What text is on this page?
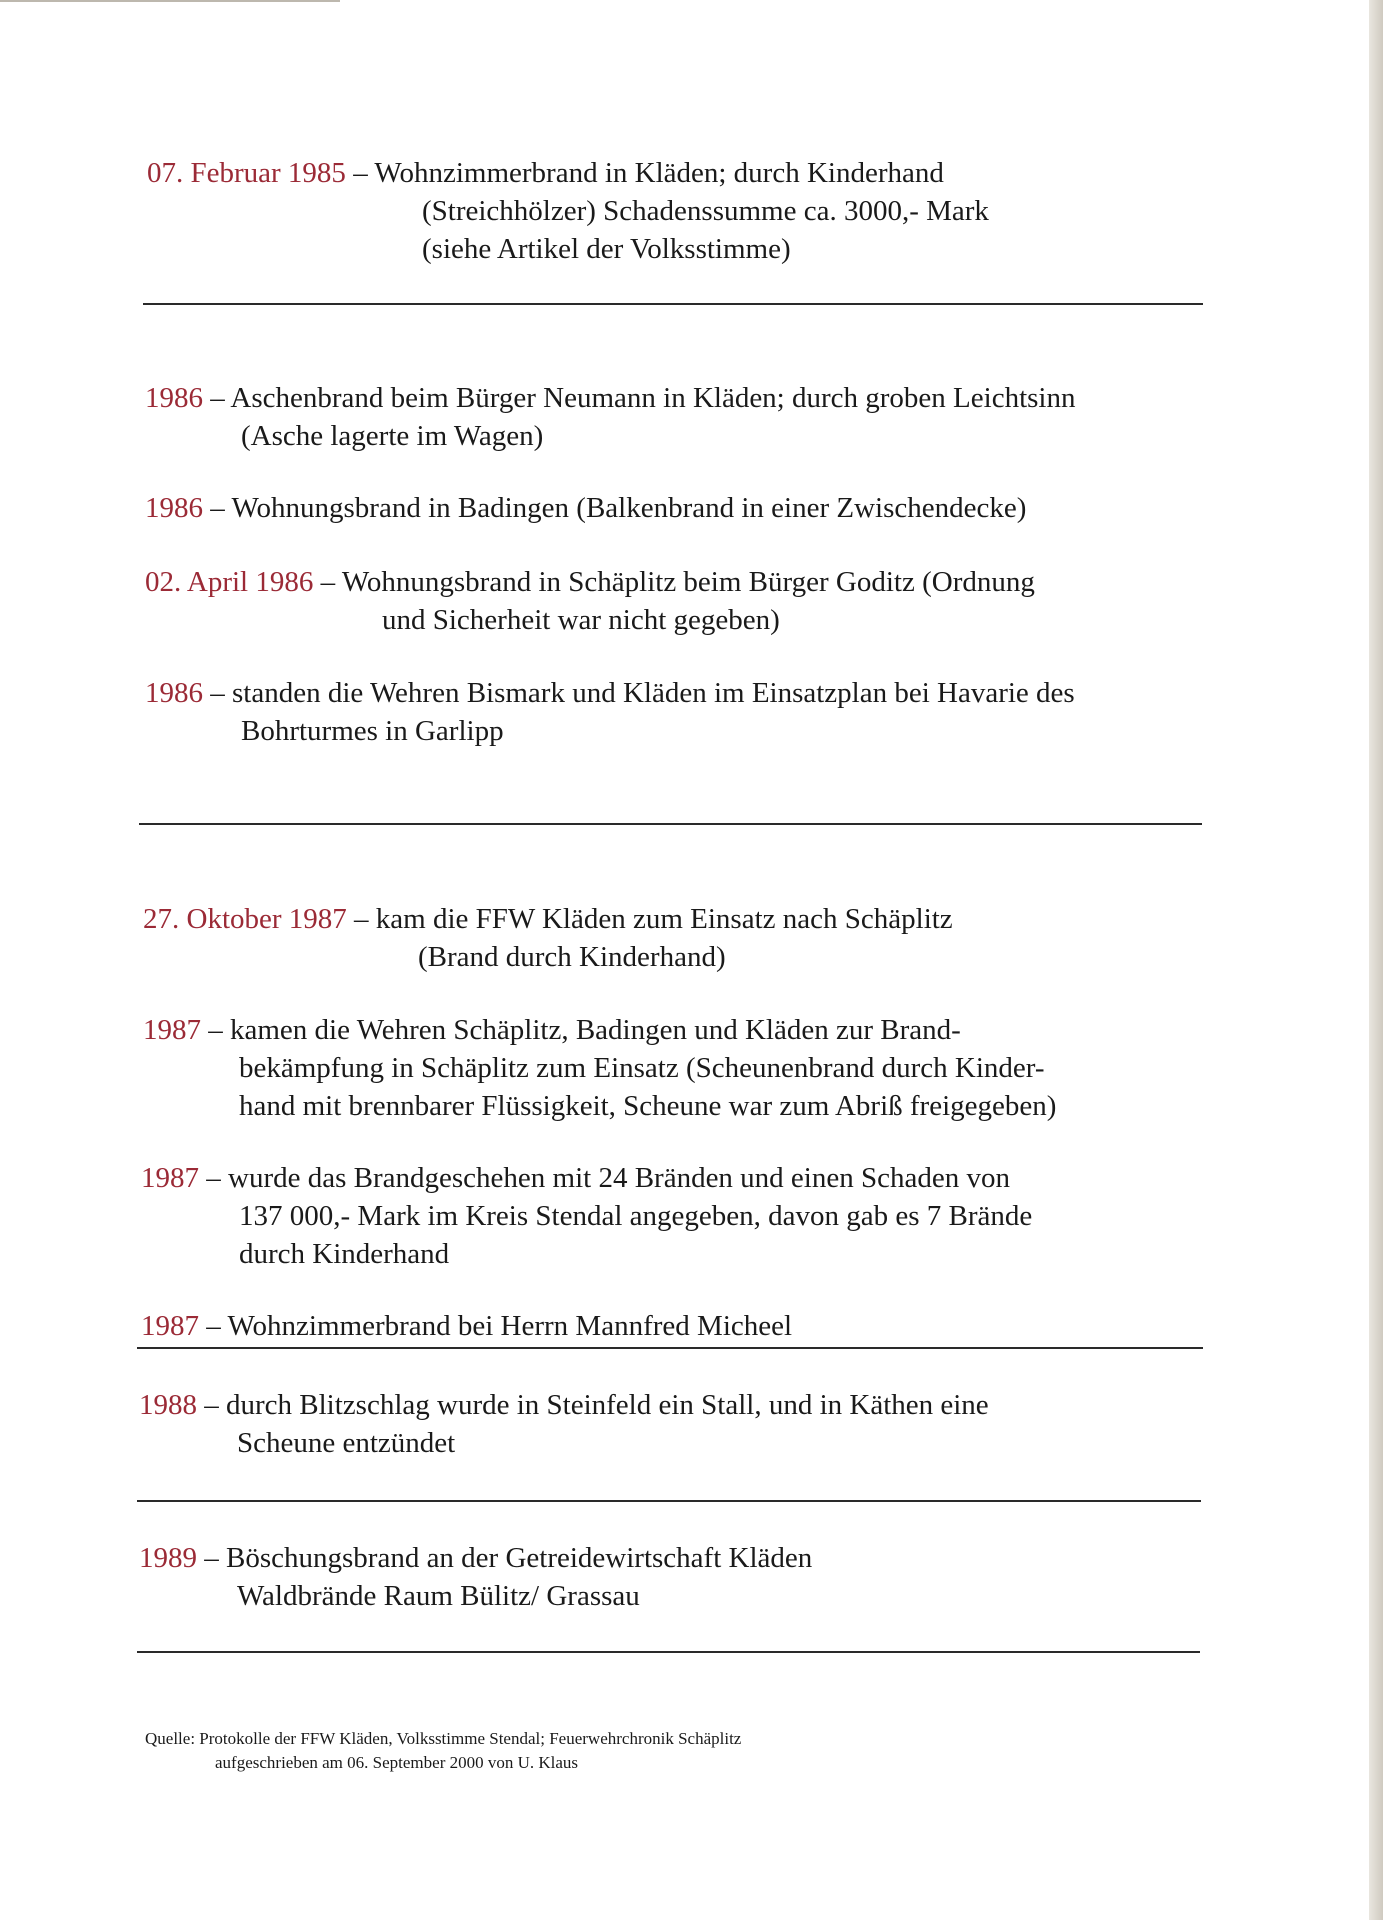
07. Februar 1985 – Wohnzimmerbrand in Kläden; durch Kinderhand
(Streichhölzer) Schadenssumme ca. 3000,- Mark
(siehe Artikel der Volksstimme)
1986 – Aschenbrand beim Bürger Neumann in Kläden; durch groben Leichtsinn
(Asche lagerte im Wagen)
1986 – Wohnungsbrand in Badingen (Balkenbrand in einer Zwischendecke)
02. April 1986 – Wohnungsbrand in Schäplitz beim Bürger Goditz (Ordnung
und Sicherheit war nicht gegeben)
1986 – standen die Wehren Bismark und Kläden im Einsatzplan bei Havarie des
Bohrturmes in Garlipp
27. Oktober 1987 – kam die FFW Kläden zum Einsatz nach Schäplitz
(Brand durch Kinderhand)
1987 – kamen die Wehren Schäplitz, Badingen und Kläden zur Brand-
bekämpfung in Schäplitz zum Einsatz (Scheunenbrand durch Kinder-
hand mit brennbarer Flüssigkeit, Scheune war zum Abriß freigegeben)
1987 – wurde das Brandgeschehen mit 24 Bränden und einen Schaden von
137 000,- Mark im Kreis Stendal angegeben, davon gab es 7 Brände
durch Kinderhand
1987 – Wohnzimmerbrand bei Herrn Mannfred Micheel
1988 – durch Blitzschlag wurde in Steinfeld ein Stall, und in Käthen eine
Scheune entzündet
1989 – Böschungsbrand an der Getreidewirtschaft Kläden
Waldbrände Raum Bülitz/ Grassau
Quelle: Protokolle der FFW Kläden, Volksstimme Stendal; Feuerwehrchronik Schäplitz
aufgeschrieben am 06. September 2000 von U. Klaus
